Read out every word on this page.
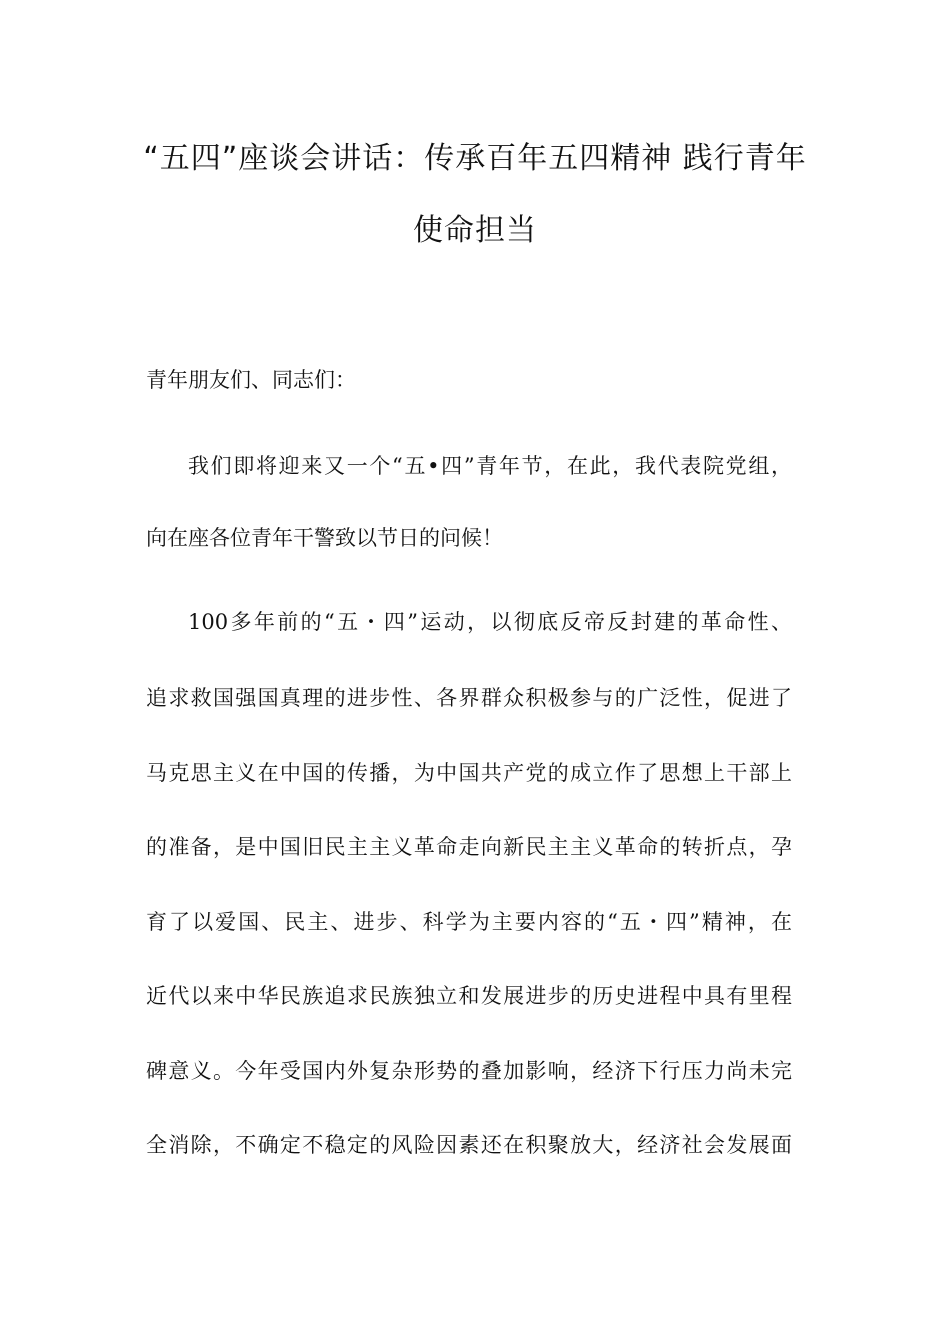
“五四”座谈会讲话：传承百年五四精神 践行青年
使命担当
青年朋友们、同志们：
我们即将迎来又一个“五•四”青年节，在此，我代表院党组，
向在座各位青年干警致以节日的问候！
100多年前的“五・四”运动，以彻底反帝反封建的革命性、
追求救国强国真理的进步性、各界群众积极参与的广泛性，促进了
马克思主义在中国的传播，为中国共产党的成立作了思想上干部上
的准备，是中国旧民主主义革命走向新民主主义革命的转折点，孕
育了以爱国、民主、进步、科学为主要内容的“五・四”精神，在
近代以来中华民族追求民族独立和发展进步的历史进程中具有里程
碑意义。今年受国内外复杂形势的叠加影响，经济下行压力尚未完
全消除，不确定不稳定的风险因素还在积聚放大，经济社会发展面
